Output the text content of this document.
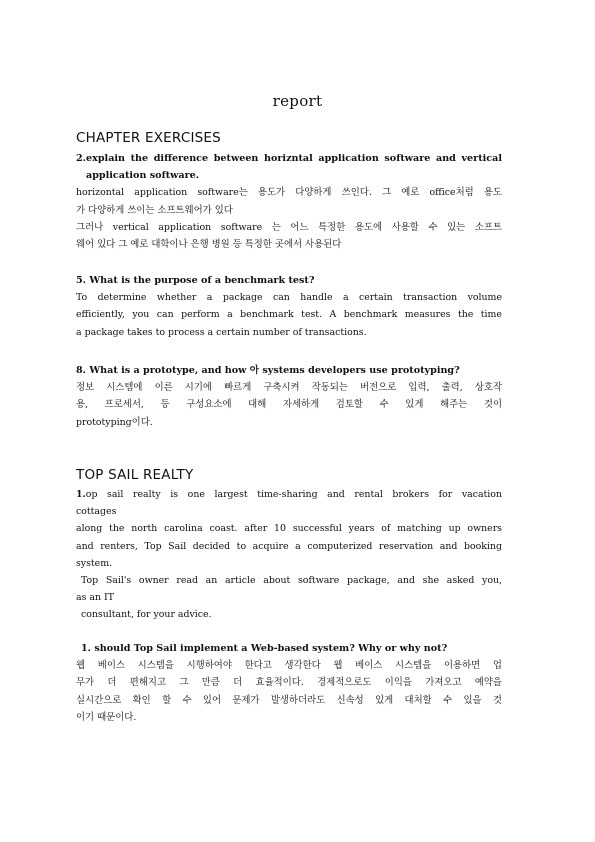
report
CHAPTER EXERCISES
2.explain the difference between horizntal application software and vertical
application software.
horizontal application software는 용도가 다양하게 쓰인다. 그 예로 office처럼 용도
가 다양하게 쓰이는 소프트웨어가 있다
그러나 vertical application software 는 어느 특정한 용도에 사용할 수 있는 소프트
웨어 있다 그 예로 대학이나 은행 병원 등 특정한 곳에서 사용된다
5. What is the purpose of a benchmark test?
To determine whether a package can handle a certain transaction volume
efficiently, you can perform a benchmark test. A benchmark measures the time
a package takes to process a certain number of transactions.
8. What is a prototype, and how 아 systems developers use prototyping?
정보 시스템에 이른 시기에 빠르게 구축시켜 작동되는 버전으로 입력, 출력, 상호작
용, 프로세서, 등 구성요소에 대해 자세하게 검토할 수 있게 해주는 것이
prototyping이다.
TOP SAIL REALTY
1.op sail realty is one largest time-sharing and rental brokers for vacation
cottages
along the north carolina coast. after 10 successful years of matching up owners
and renters, Top Sail decided to acquire a computerized reservation and booking
system.
Top Sail's owner read an article about software package, and she asked you,
as an IT
consultant, for your advice.
1. should Top Sail implement a Web-based system? Why or why not?
웹 베이스 시스템을 시행하여야 한다고 생각한다 웹 베이스 시스템을 이용하면 업
무가 더 편해지고 그 만큼 더 효율적이다. 경제적으로도 이익을 가져오고 예약을
실시간으로 확인 할 수 있어 문제가 발생하더라도 신속성 있게 대처할 수 있을 것
이기 때문이다.
